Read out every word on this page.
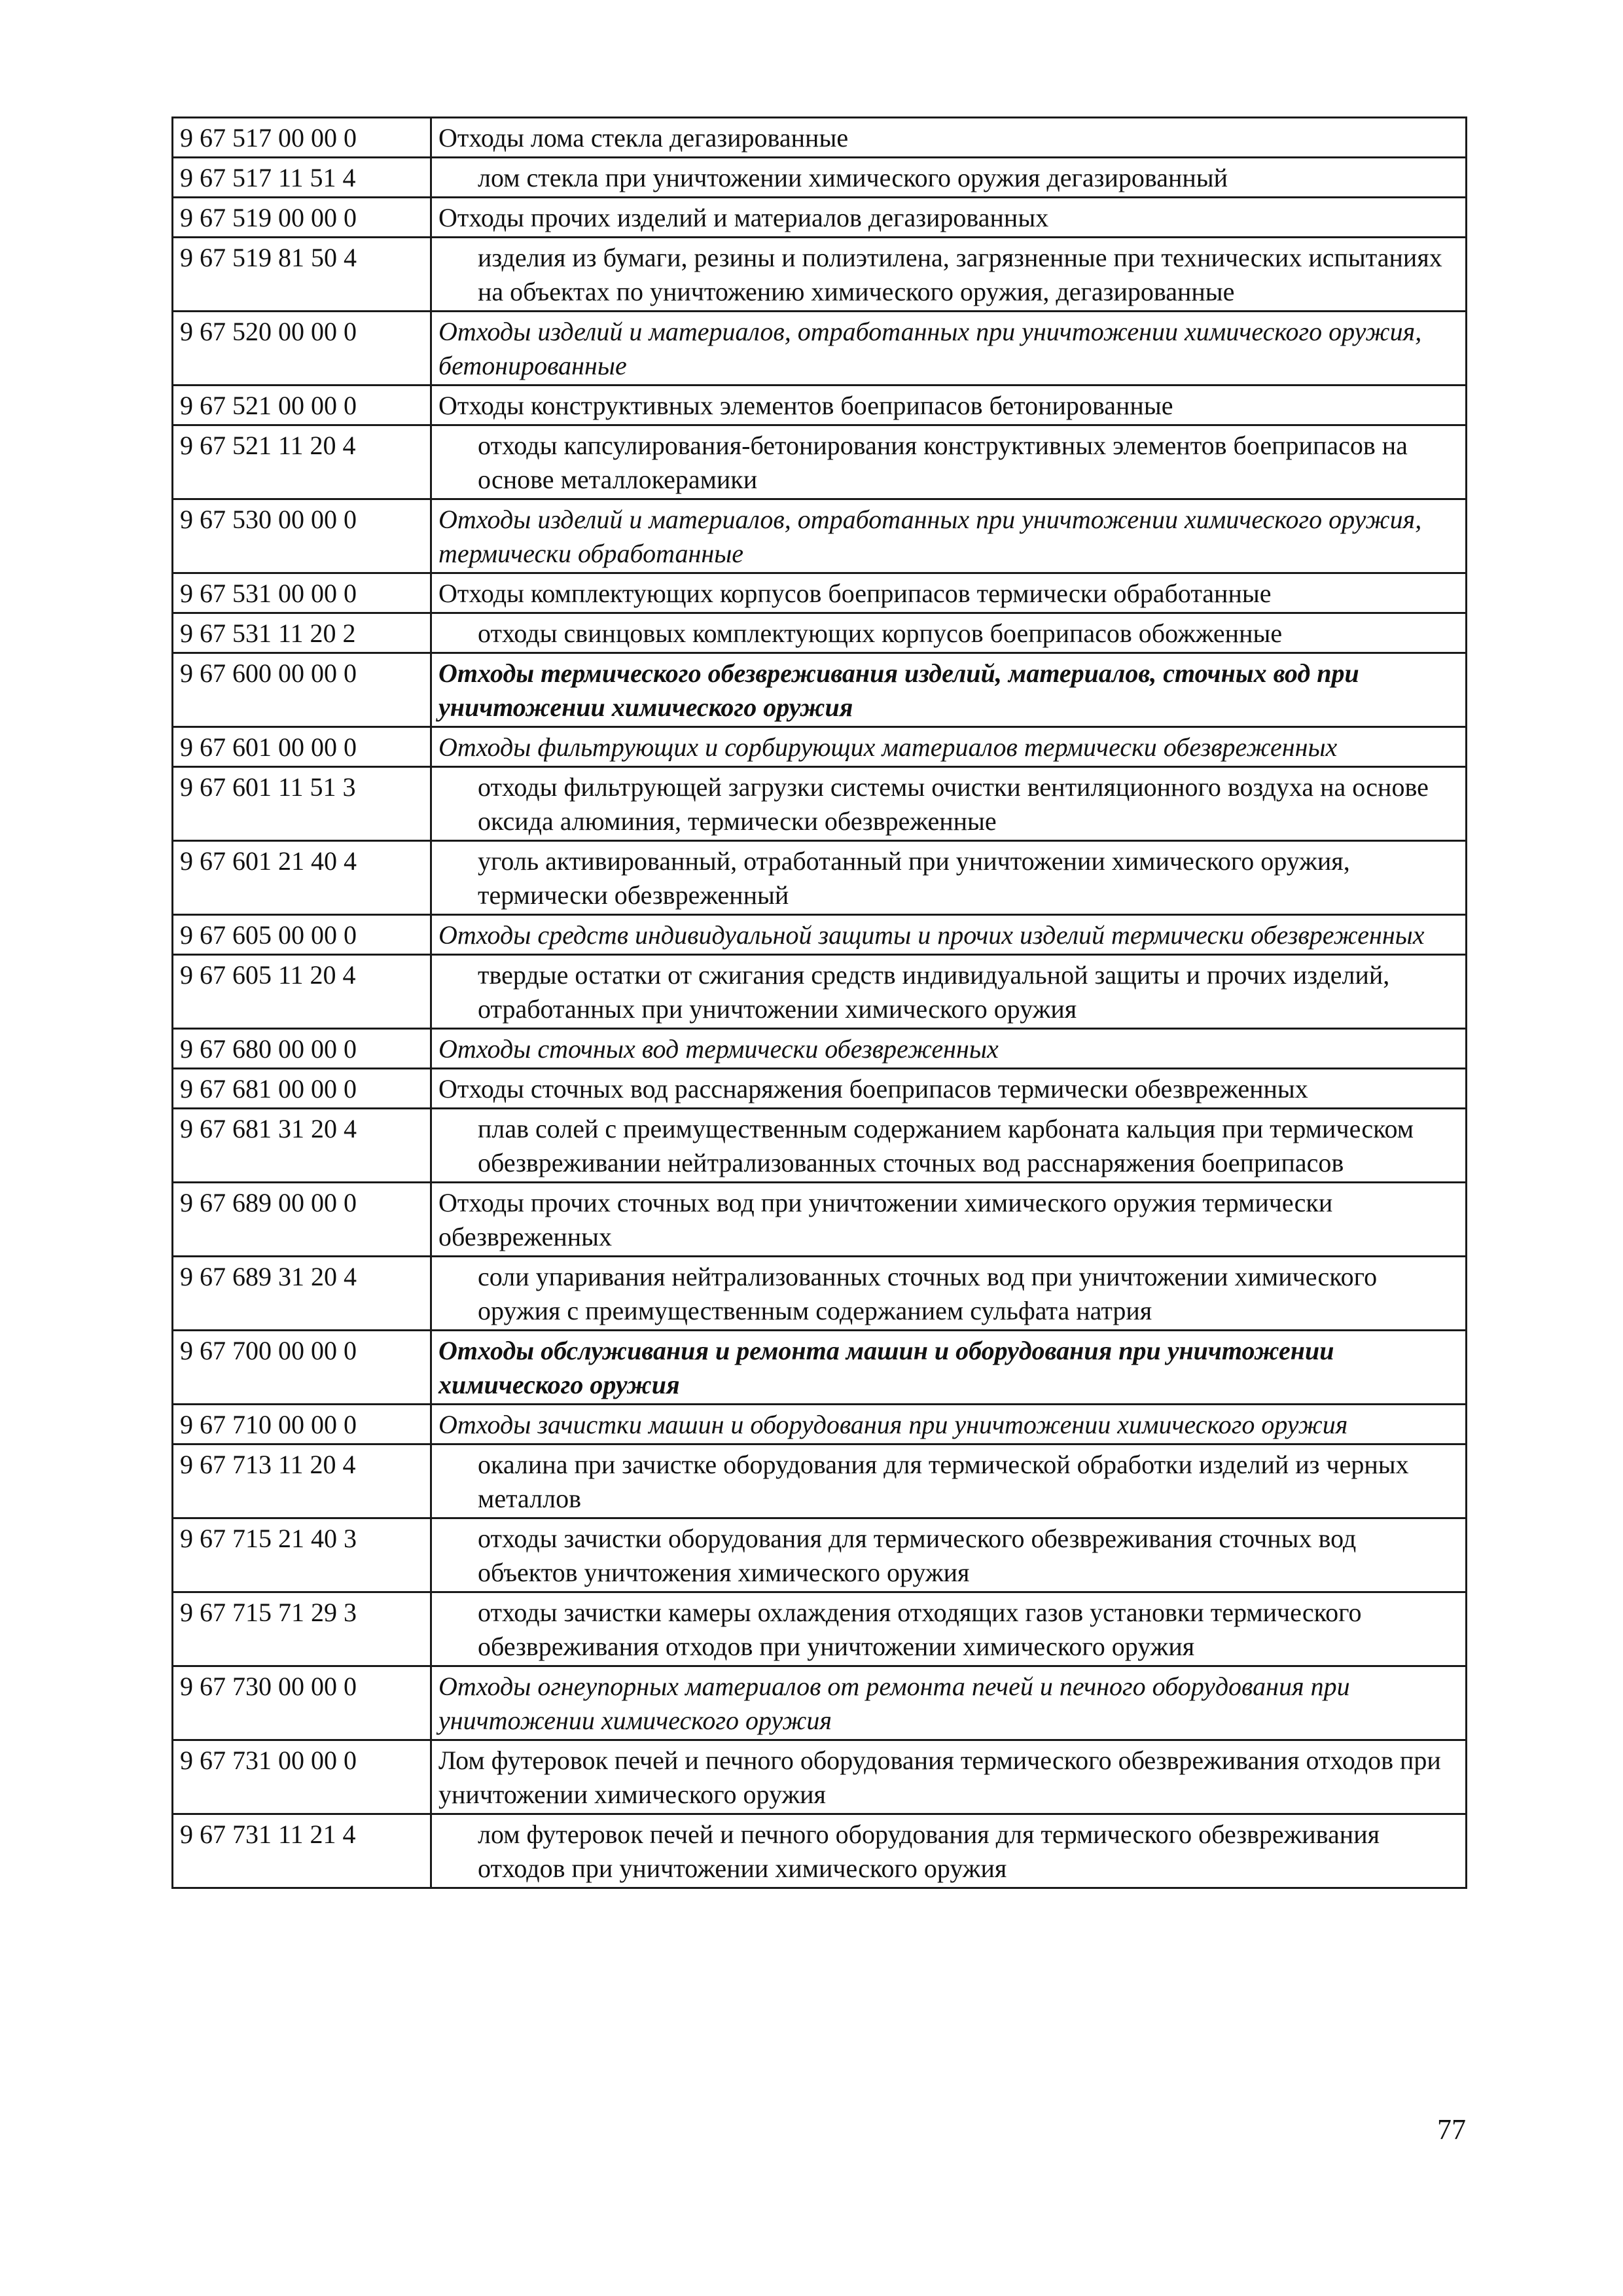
9 67 517 00 00 0	Отходы лома стекла дегазированные
9 67 517 11 51 4	лом стекла при уничтожении химического оружия дегазированный
9 67 519 00 00 0	Отходы прочих изделий и материалов дегазированных
9 67 519 81 50 4	изделия из бумаги, резины и полиэтилена, загрязненные при технических испытаниях на объектах по уничтожению химического оружия, дегазированные
9 67 520 00 00 0	Отходы изделий и материалов, отработанных при уничтожении химического оружия, бетонированные
9 67 521 00 00 0	Отходы конструктивных элементов боеприпасов бетонированные
9 67 521 11 20 4	отходы капсулирования-бетонирования конструктивных элементов боеприпасов на основе металлокерамики
9 67 530 00 00 0	Отходы изделий и материалов, отработанных при уничтожении химического оружия, термически обработанные
9 67 531 00 00 0	Отходы комплектующих корпусов боеприпасов термически обработанные
9 67 531 11 20 2	отходы свинцовых комплектующих корпусов боеприпасов обожженные
9 67 600 00 00 0	Отходы термического обезвреживания изделий, материалов, сточных вод при уничтожении химического оружия
9 67 601 00 00 0	Отходы фильтрующих и сорбирующих материалов термически обезвреженных
9 67 601 11 51 3	отходы фильтрующей загрузки системы очистки вентиляционного воздуха на основе оксида алюминия, термически обезвреженные
9 67 601 21 40 4	уголь активированный, отработанный при уничтожении химического оружия, термически обезвреженный
9 67 605 00 00 0	Отходы средств индивидуальной защиты и прочих изделий термически обезвреженных
9 67 605 11 20 4	твердые остатки от сжигания средств индивидуальной защиты и прочих изделий, отработанных при уничтожении химического оружия
9 67 680 00 00 0	Отходы сточных вод термически обезвреженных
9 67 681 00 00 0	Отходы сточных вод расснаряжения боеприпасов термически обезвреженных
9 67 681 31 20 4	плав солей с преимущественным содержанием карбоната кальция при термическом обезвреживании нейтрализованных сточных вод расснаряжения боеприпасов
9 67 689 00 00 0	Отходы прочих сточных вод при уничтожении химического оружия термически обезвреженных
9 67 689 31 20 4	соли упаривания нейтрализованных сточных вод при уничтожении химического оружия с преимущественным содержанием сульфата натрия
9 67 700 00 00 0	Отходы обслуживания и ремонта машин и оборудования при уничтожении химического оружия
9 67 710 00 00 0	Отходы зачистки машин и оборудования при уничтожении химического оружия
9 67 713 11 20 4	окалина при зачистке оборудования для термической обработки изделий из черных металлов
9 67 715 21 40 3	отходы зачистки оборудования для термического обезвреживания сточных вод объектов уничтожения химического оружия
9 67 715 71 29 3	отходы зачистки камеры охлаждения отходящих газов установки термического обезвреживания отходов при уничтожении химического оружия
9 67 730 00 00 0	Отходы огнеупорных материалов от ремонта печей и печного оборудования при уничтожении химического оружия
9 67 731 00 00 0	Лом футеровок печей и печного оборудования термического обезвреживания отходов при уничтожении химического оружия
9 67 731 11 21 4	лом футеровок печей и печного оборудования для термического обезвреживания отходов при уничтожении химического оружия
77
